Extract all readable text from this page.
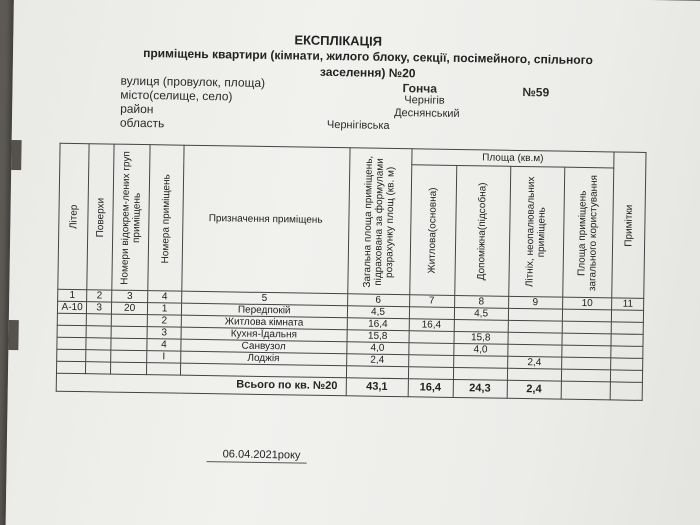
ЕКСПЛІКАЦІЯ
приміщень квартири (кімнати, жилого блоку, секції, посімейного, спільного заселення) №20
вулиця (провулок, площа)
місто(селище, село)
район
область
Гонча	№59
Чернігів
Деснянський
Чернігівська
Літер	Поверхи	Номери відокрем-лених груп приміщень	Номера приміщень	Призначення приміщень	Загальна площа приміщень, підрахована за формулами розрахунку площ (кв. м)	Площа (кв.м)				Примітки
						Житлова(основна)	Допоміжна(підсобна)	Літніх, неопалювальних приміщень	Площа приміщень загального користування	
1	2	3	4	5	6	7	8	9	10	11
А-10	3	20	1	Передпокій	4,5		4,5			
			2	Житлова кімната	16,4	16,4				
			3	Кухня-Їдальня	15,8		15,8			
			4	Санвузол	4,0		4,0			
			І	Лоджія	2,4			2,4		

Всього по кв. №20					43,1	16,4	24,3	2,4		
06.04.2021року
